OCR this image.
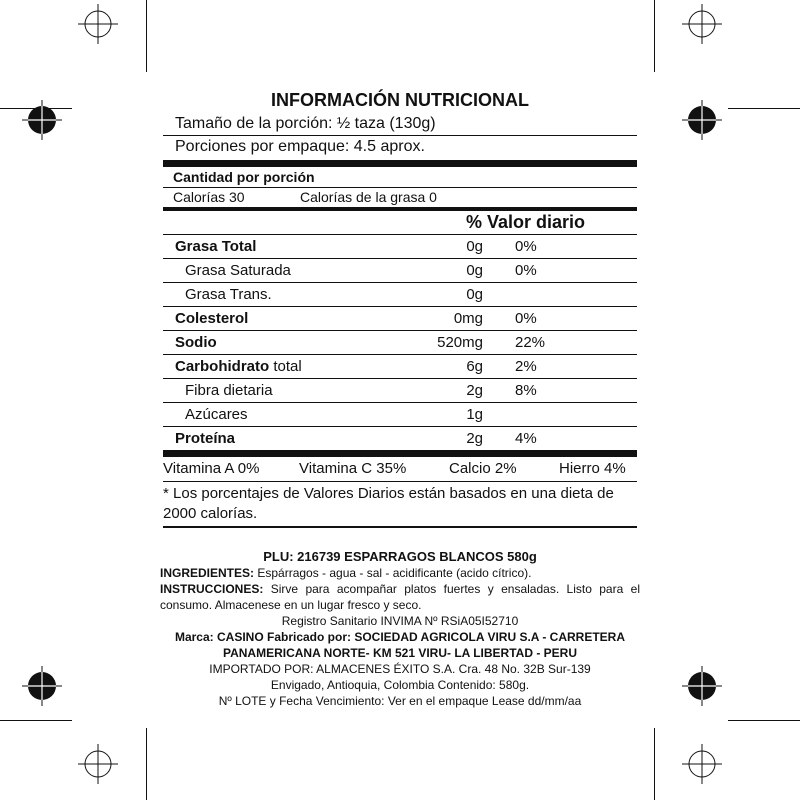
INFORMACIÓN NUTRICIONAL
Tamaño de la porción: ½ taza (130g)
Porciones por empaque: 4.5 aprox.
Cantidad por porción
Calorías 30	Calorías de la grasa 0
% Valor diario
Grasa Total	0g 0%
Grasa Saturada	0g 0%
Grasa Trans.	0g
Colesterol	0mg 0%
Sodio	520mg 22%
Carbohidrato total	6g 2%
Fibra dietaria	2g 8%
Azúcares	1g
Proteína	2g 4%
Vitamina A 0%	Vitamina C 35%	Calcio 2%	Hierro 4%
* Los porcentajes de Valores Diarios están basados en una dieta de 2000 calorías.
PLU: 216739 ESPARRAGOS BLANCOS 580g
INGREDIENTES: Espárragos - agua - sal - acidificante (acido cítrico).
INSTRUCCIONES: Sirve para acompañar platos fuertes y ensaladas. Listo para el consumo. Almacenese en un lugar fresco y seco.
Registro Sanitario INVIMA Nº RSiA05I52710
Marca: CASINO Fabricado por: SOCIEDAD AGRICOLA VIRU S.A - CARRETERA
PANAMERICANA NORTE- KM 521 VIRU- LA LIBERTAD - PERU
IMPORTADO POR: ALMACENES ÉXITO S.A. Cra. 48 No. 32B Sur-139
Envigado, Antioquia, Colombia Contenido: 580g.
Nº LOTE y Fecha Vencimiento: Ver en el empaque Lease dd/mm/aa
